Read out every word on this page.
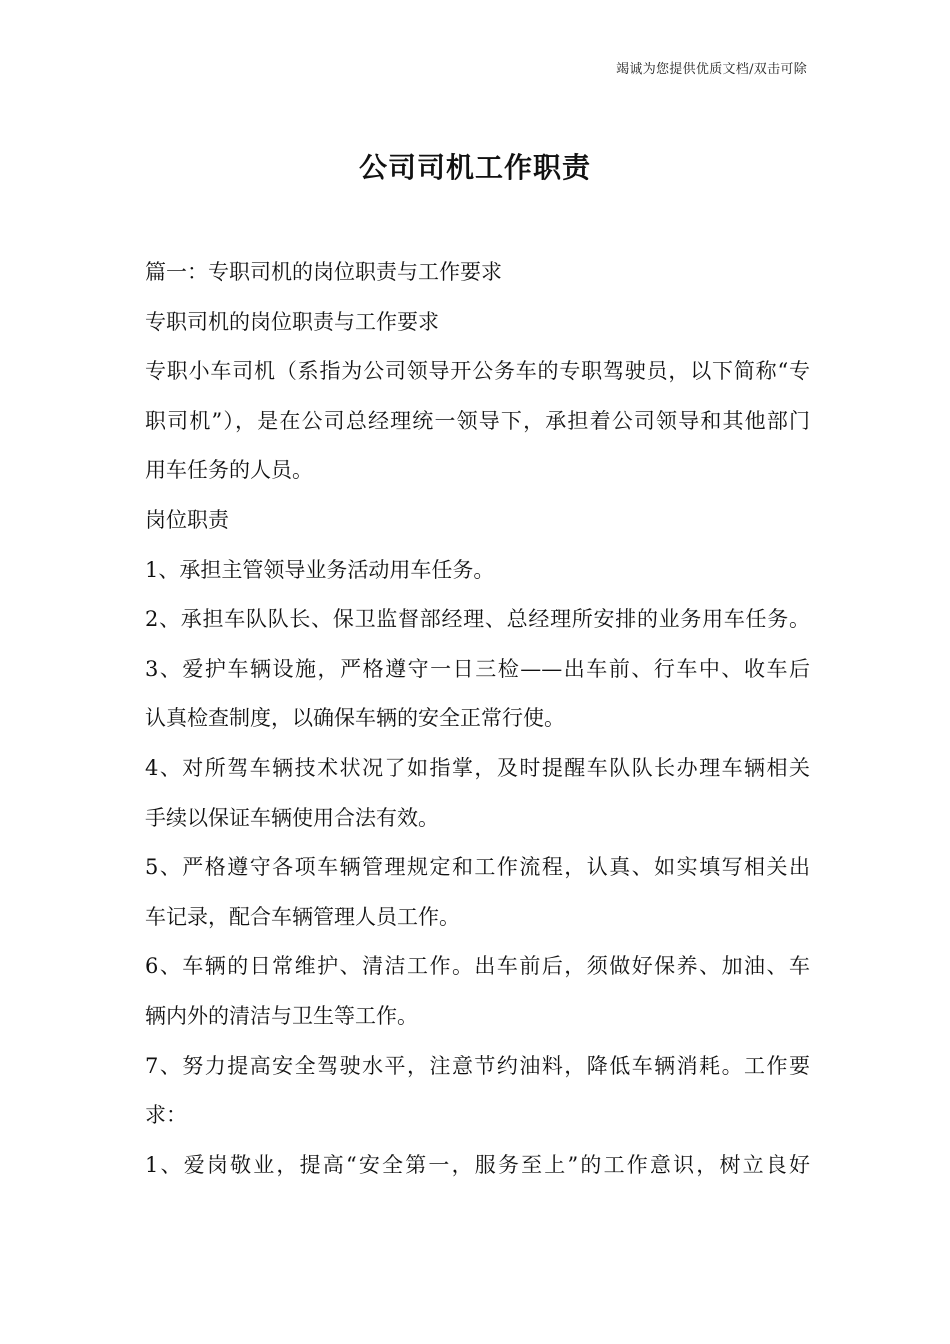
竭诚为您提供优质文档/双击可除
公司司机工作职责
篇一：专职司机的岗位职责与工作要求
专职司机的岗位职责与工作要求
专职小车司机（系指为公司领导开公务车的专职驾驶员，以下简称“专
职司机”），是在公司总经理统一领导下，承担着公司领导和其他部门
用车任务的人员。
岗位职责
1、承担主管领导业务活动用车任务。
2、承担车队队长、保卫监督部经理、总经理所安排的业务用车任务。
3、爱护车辆设施，严格遵守一日三检——出车前、行车中、收车后
认真检查制度，以确保车辆的安全正常行使。
4、对所驾车辆技术状况了如指掌，及时提醒车队队长办理车辆相关
手续以保证车辆使用合法有效。
5、严格遵守各项车辆管理规定和工作流程，认真、如实填写相关出
车记录，配合车辆管理人员工作。
6、车辆的日常维护、清洁工作。出车前后，须做好保养、加油、车
辆内外的清洁与卫生等工作。
7、努力提高安全驾驶水平，注意节约油料，降低车辆消耗。工作要
求：
1、爱岗敬业，提高“安全第一，服务至上”的工作意识，树立良好
